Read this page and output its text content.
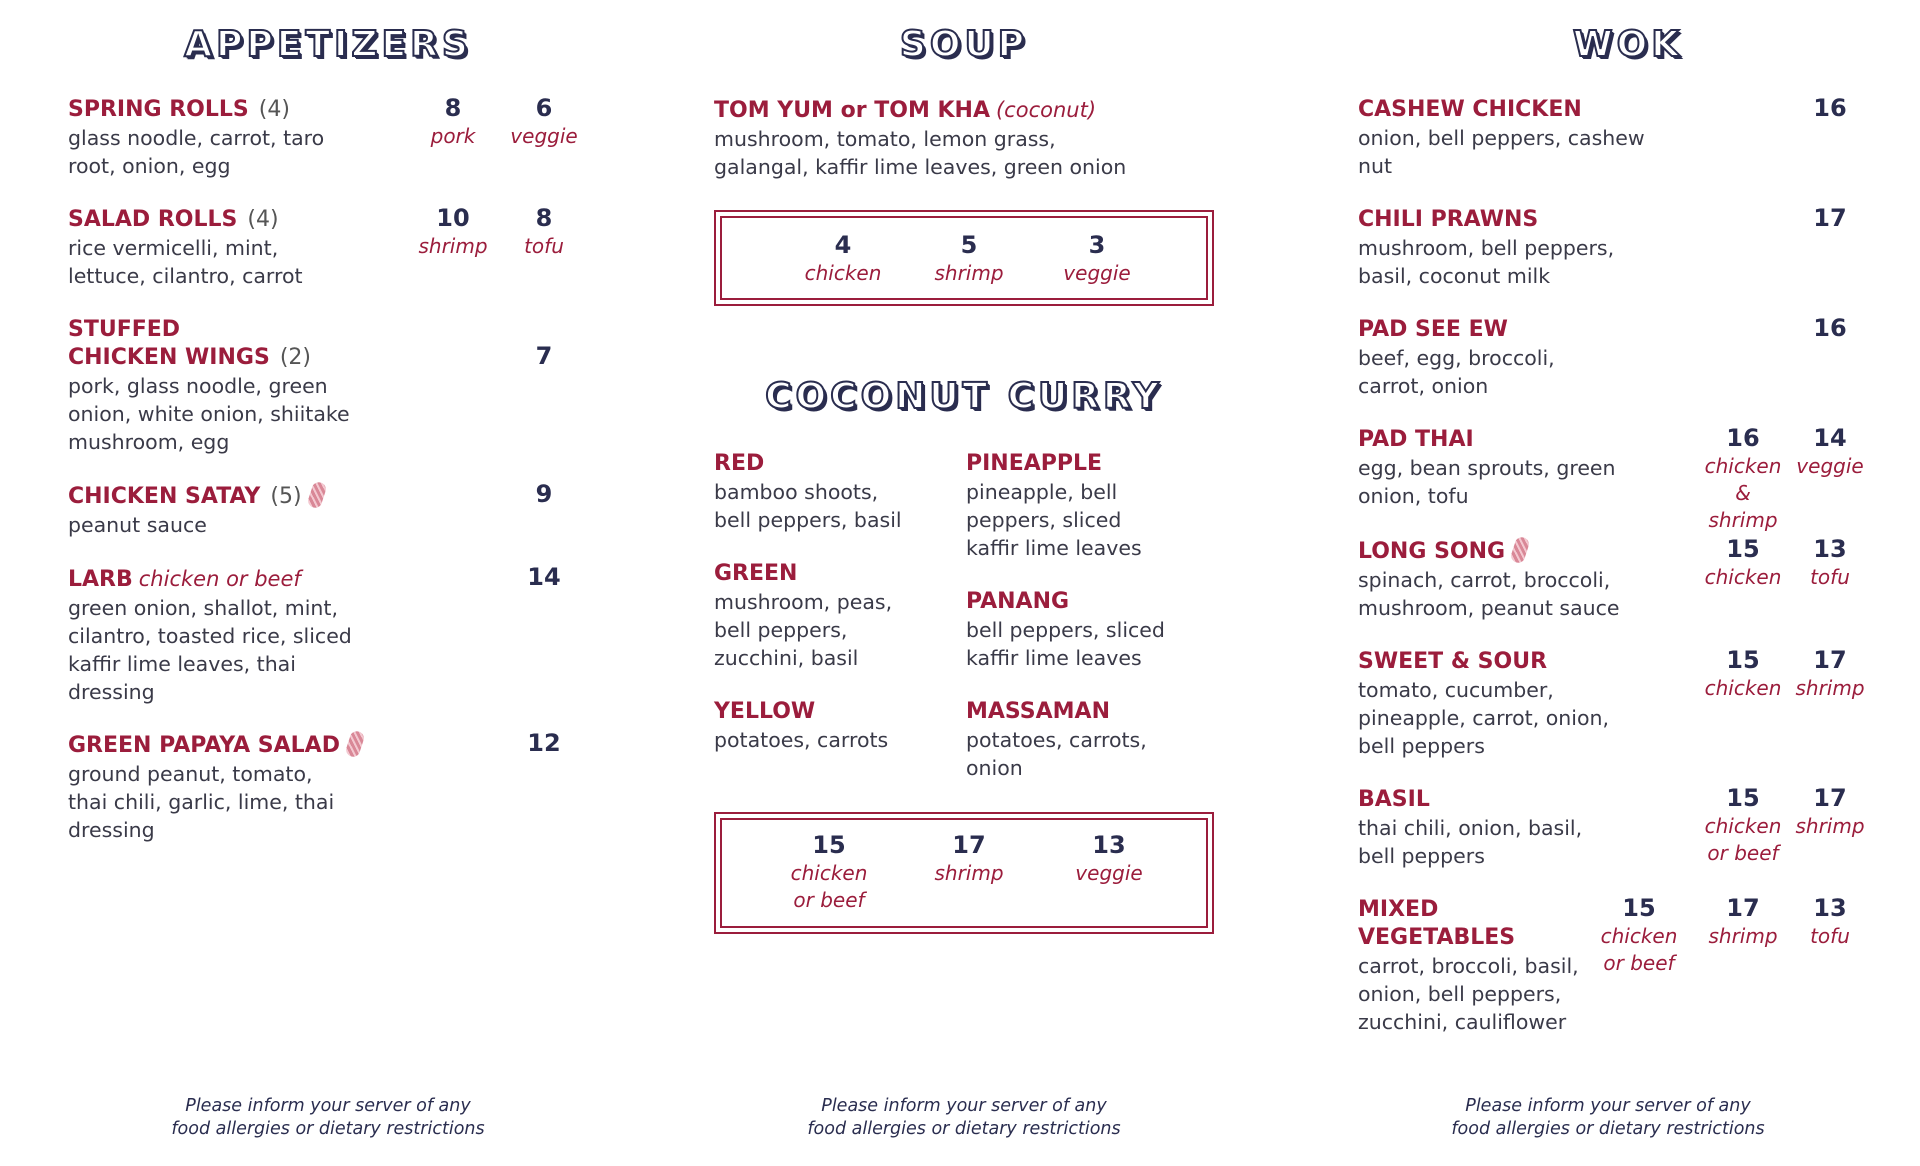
APPETIZERS
SPRING ROLLS (4)
glass noodle, carrot, taro
root, onion, egg
8
pork
6
veggie
SALAD ROLLS (4)
rice vermicelli, mint,
lettuce, cilantro, carrot
10
shrimp
8
tofu
STUFFED
CHICKEN WINGS (2)
pork, glass noodle, green
onion, white onion, shiitake
mushroom, egg
7
CHICKEN SATAY (5)
peanut sauce
9
LARB chicken or beef
green onion, shallot, mint,
cilantro, toasted rice, sliced
kaffir lime leaves, thai
dressing
14
GREEN PAPAYA SALAD
ground peanut, tomato,
thai chili, garlic, lime, thai
dressing
12
Please inform your server of any
food allergies or dietary restrictions
SOUP
TOM YUM or TOM KHA (coconut)
mushroom, tomato, lemon grass,
galangal, kaffir lime leaves, green onion
4
chicken
5
shrimp
3
veggie
COCONUT CURRY
RED
bamboo shoots,
bell peppers, basil
PINEAPPLE
pineapple, bell
peppers, sliced
kaffir lime leaves
GREEN
mushroom, peas,
bell peppers,
zucchini, basil
PANANG
bell peppers, sliced
kaffir lime leaves
YELLOW
potatoes, carrots
MASSAMAN
potatoes, carrots,
onion
15
chicken
or beef
17
shrimp
13
veggie
Please inform your server of any
food allergies or dietary restrictions
WOK
CASHEW CHICKEN
onion, bell peppers, cashew
nut
16
CHILI PRAWNS
mushroom, bell peppers,
basil, coconut milk
17
PAD SEE EW
beef, egg, broccoli,
carrot, onion
16
PAD THAI
egg, bean sprouts, green
onion, tofu
16
chicken
& shrimp
14
veggie
LONG SONG
spinach, carrot, broccoli,
mushroom, peanut sauce
15
chicken
13
tofu
SWEET & SOUR
tomato, cucumber,
pineapple, carrot, onion,
bell peppers
15
chicken
17
shrimp
BASIL
thai chili, onion, basil,
bell peppers
15
chicken
or beef
17
shrimp
MIXED
VEGETABLES
carrot, broccoli, basil,
onion, bell peppers,
zucchini, cauliflower
15
chicken
or beef
17
shrimp
13
tofu
Please inform your server of any
food allergies or dietary restrictions
